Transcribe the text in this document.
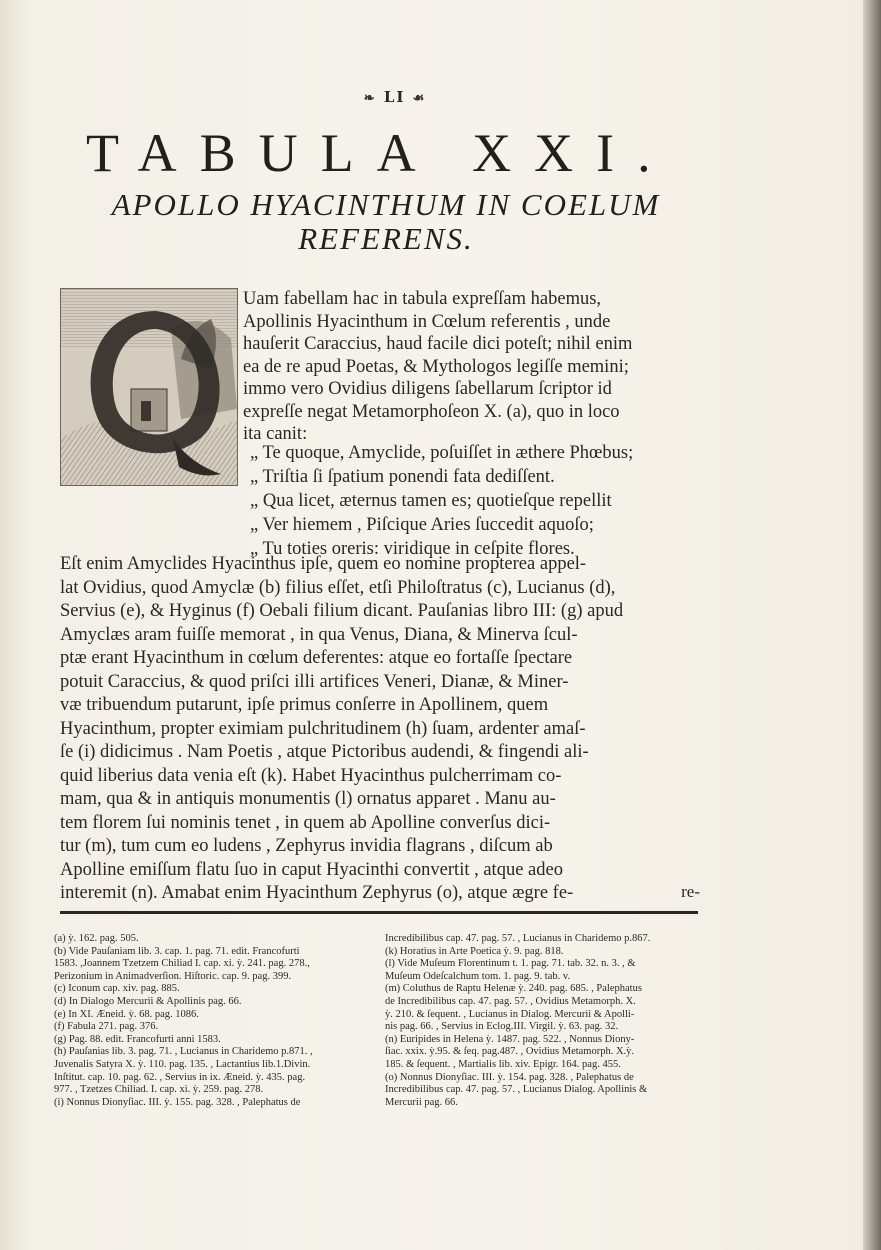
❧ LI ☙
TABULA XXI.
APOLLO HYACINTHUM IN COELUM
REFERENS.
Uam fabellam hac in tabula expreſſam habemus,
Apollinis Hyacinthum in Cœlum referentis , unde
hauſerit Caraccius, haud facile dici poteſt; nihil enim
ea de re apud Poetas, & Mythologos legiſſe memini;
immo vero Ovidius diligens ſabellarum ſcriptor id
expreſſe negat Metamorphoſeon X. (a), quo in loco
ita canit:
„ Te quoque, Amyclide, poſuiſſet in æthere Phœbus;
„ Triſtia ſi ſpatium ponendi fata dediſſent.
„ Qua licet, æternus tamen es; quotieſque repellit
„ Ver hiemem , Piſcique Aries ſuccedit aquoſo;
„ Tu toties oreris: viridique in ceſpite flores.
Eſt enim Amyclides Hyacinthus ipſe, quem eo nomine propterea appel-
lat Ovidius, quod Amyclæ (b) filius eſſet, etſi Philoſtratus (c), Lucianus (d),
Servius (e), & Hyginus (f) Oebali filium dicant. Pauſanias libro III: (g) apud
Amyclæs aram fuiſſe memorat , in qua Venus, Diana, & Minerva ſcul-
ptæ erant Hyacinthum in cœlum deferentes: atque eo fortaſſe ſpectare
potuit Caraccius, & quod priſci illi artifices Veneri, Dianæ, & Miner-
væ tribuendum putarunt, ipſe primus conſerre in Apollinem, quem
Hyacinthum, propter eximiam pulchritudinem (h) ſuam, ardenter amaſ-
ſe (i) didicimus . Nam Poetis , atque Pictoribus audendi, & fingendi ali-
quid liberius data venia eſt (k). Habet Hyacinthus pulcherrimam co-
mam, qua & in antiquis monumentis (l) ornatus apparet . Manu au-
tem florem ſui nominis tenet , in quem ab Apolline converſus dici-
tur (m), tum cum eo ludens , Zephyrus invidia flagrans , diſcum ab
Apolline emiſſum flatu ſuo in caput Hyacinthi convertit , atque adeo
interemit (n). Amabat enim Hyacinthum Zephyrus (o), atque ægre fe-	re-
(a) ỳ. 162. pag. 505.
(b) Vide Pauſaniam lib. 3. cap. 1. pag. 71. edit. Francofurti
1583. ,Joannem Tzetzem Chiliad I. cap. xi. ỳ. 241. pag. 278.,
Perizonium in Animadverſion. Hiſtoric. cap. 9. pag. 399.
(c) Iconum cap. xiv. pag. 885.
(d) In Dialogo Mercurii & Apollinis pag. 66.
(e) In XI. Æneid. ỳ. 68. pag. 1086.
(f) Fabula 271. pag. 376.
(g) Pag. 88. edit. Francofurti anni 1583.
(h) Pauſanias lib. 3. pag. 71. , Lucianus in Charidemo p.871. ,
Juvenalis Satyra X. ỳ. 110. pag. 135. , Lactantius lib.1.Divin.
Inſtitut. cap. 10. pag. 62. , Servius in ix. Æneid. ỳ. 435. pag.
977. , Tzetzes Chiliad. I. cap. xi. ỳ. 259. pag. 278.
(i) Nonnus Dionyſiac. III. ỳ. 155. pag. 328. , Palephatus de
Incredibilibus cap. 47. pag. 57. , Lucianus in Charidemo p.867.
(k) Horatius in Arte Poetica ỳ. 9. pag. 818.
(l) Vide Muſeum Florentinum t. 1. pag. 71. tab. 32. n. 3. , &
Muſeum Odeſcalchum tom. 1. pag. 9. tab. v.
(m) Coluthus de Raptu Helenæ ỳ. 240. pag. 685. , Palephatus
de Incredibilibus cap. 47. pag. 57. , Ovidius Metamorph. X.
ỳ. 210. & ſequent. , Lucianus in Dialog. Mercurii & Apolli-
nis pag. 66. , Servius in Eclog.III. Virgil. ỳ. 63. pag. 32.
(n) Euripides in Helena ỳ. 1487. pag. 522. , Nonnus Diony-
ſiac. xxix. ỳ.95. & ſeq. pag.487. , Ovidius Metamorph. X.ỳ.
185. & ſequent. , Martialis lib. xiv. Epigr. 164. pag. 455.
(o) Nonnus Dionyſiac. III. ỳ. 154. pag. 328. , Palephatus de
Incredibilibus cap. 47. pag. 57. , Lucianus Dialog. Apollinis &
Mercurii pag. 66.
